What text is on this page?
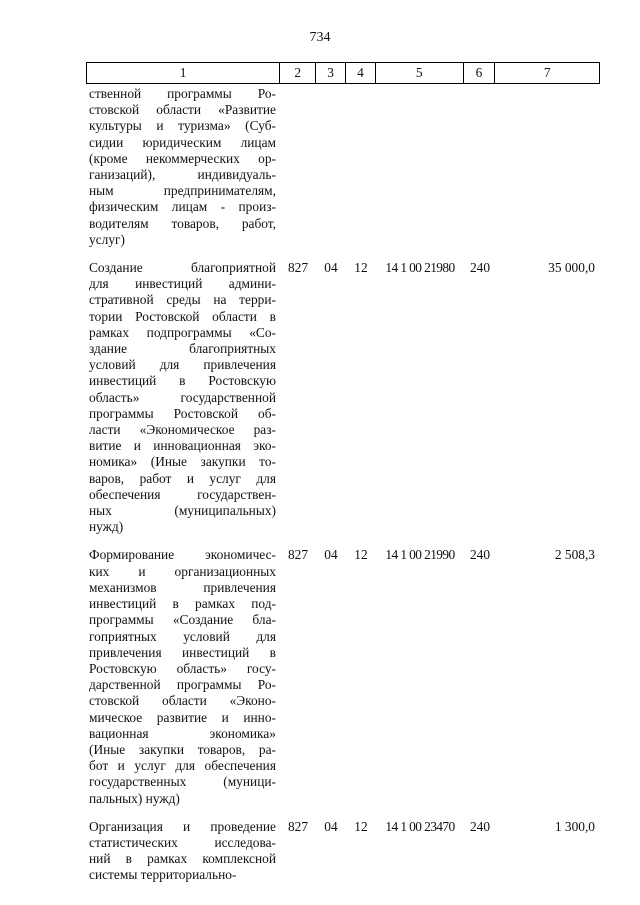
734
1	2	3	4	5	6	7
ственной программы Ро-
стовской области «Развитие
культуры и туризма» (Суб-
сидии юридическим лицам
(кроме некоммерческих ор-
ганизаций), индивидуаль-
ным предпринимателям,
физическим лицам - произ-
водителям товаров, работ,
услуг)
Создание благоприятной
для инвестиций админи-
стративной среды на терри-
тории Ростовской области в
рамках подпрограммы «Со-
здание благоприятных
условий для привлечения
инвестиций в Ростовскую
область» государственной
программы Ростовской об-
ласти «Экономическое раз-
витие и инновационная эко-
номика» (Иные закупки то-
варов, работ и услуг для
обеспечения государствен-
ных (муниципальных)
нужд)
827	04	12	14 1 00 21980	240	35 000,0
Формирование экономичес-
ких и организационных
механизмов привлечения
инвестиций в рамках под-
программы «Создание бла-
гоприятных условий для
привлечения инвестиций в
Ростовскую область» госу-
дарственной программы Ро-
стовской области «Эконо-
мическое развитие и инно-
вационная экономика»
(Иные закупки товаров, ра-
бот и услуг для обеспечения
государственных (муници-
пальных) нужд)
827	04	12	14 1 00 21990	240	2 508,3
Организация и проведение
статистических исследова-
ний в рамках комплексной
системы территориально-
827	04	12	14 1 00 23470	240	1 300,0
